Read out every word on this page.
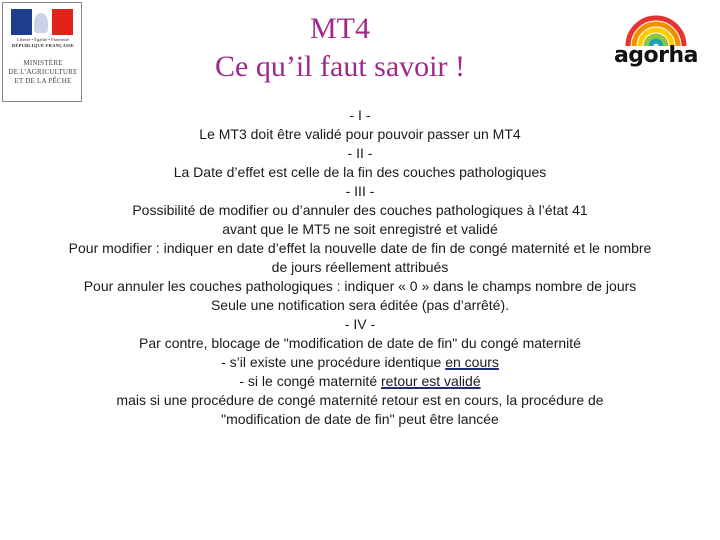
Liberté • Égalité • Fraternité
RÉPUBLIQUE FRANÇAISE
MINISTÈRE
DE L’AGRICULTURE
ET DE LA PÊCHE
MT4
Ce qu’il faut savoir !	agorha
- I -
Le MT3 doit être validé pour pouvoir passer un MT4
- II -
La Date d’effet est celle de la fin des couches pathologiques
- III -
Possibilité de modifier ou d’annuler des couches pathologiques à l’état 41
avant que le MT5 ne soit enregistré et validé
Pour modifier : indiquer en date d’effet la nouvelle date de fin de congé maternité et le nombre
de jours réellement attribués
Pour annuler les couches pathologiques : indiquer « 0 » dans le champs nombre de jours
Seule une notification sera éditée (pas d’arrêté).
- IV -
Par contre, blocage de "modification de date de fin" du congé maternité
- s’il existe une procédure identique en cours
- si le congé maternité retour est validé
mais si une procédure de congé maternité retour est en cours, la procédure de
"modification de date de fin" peut être lancée
